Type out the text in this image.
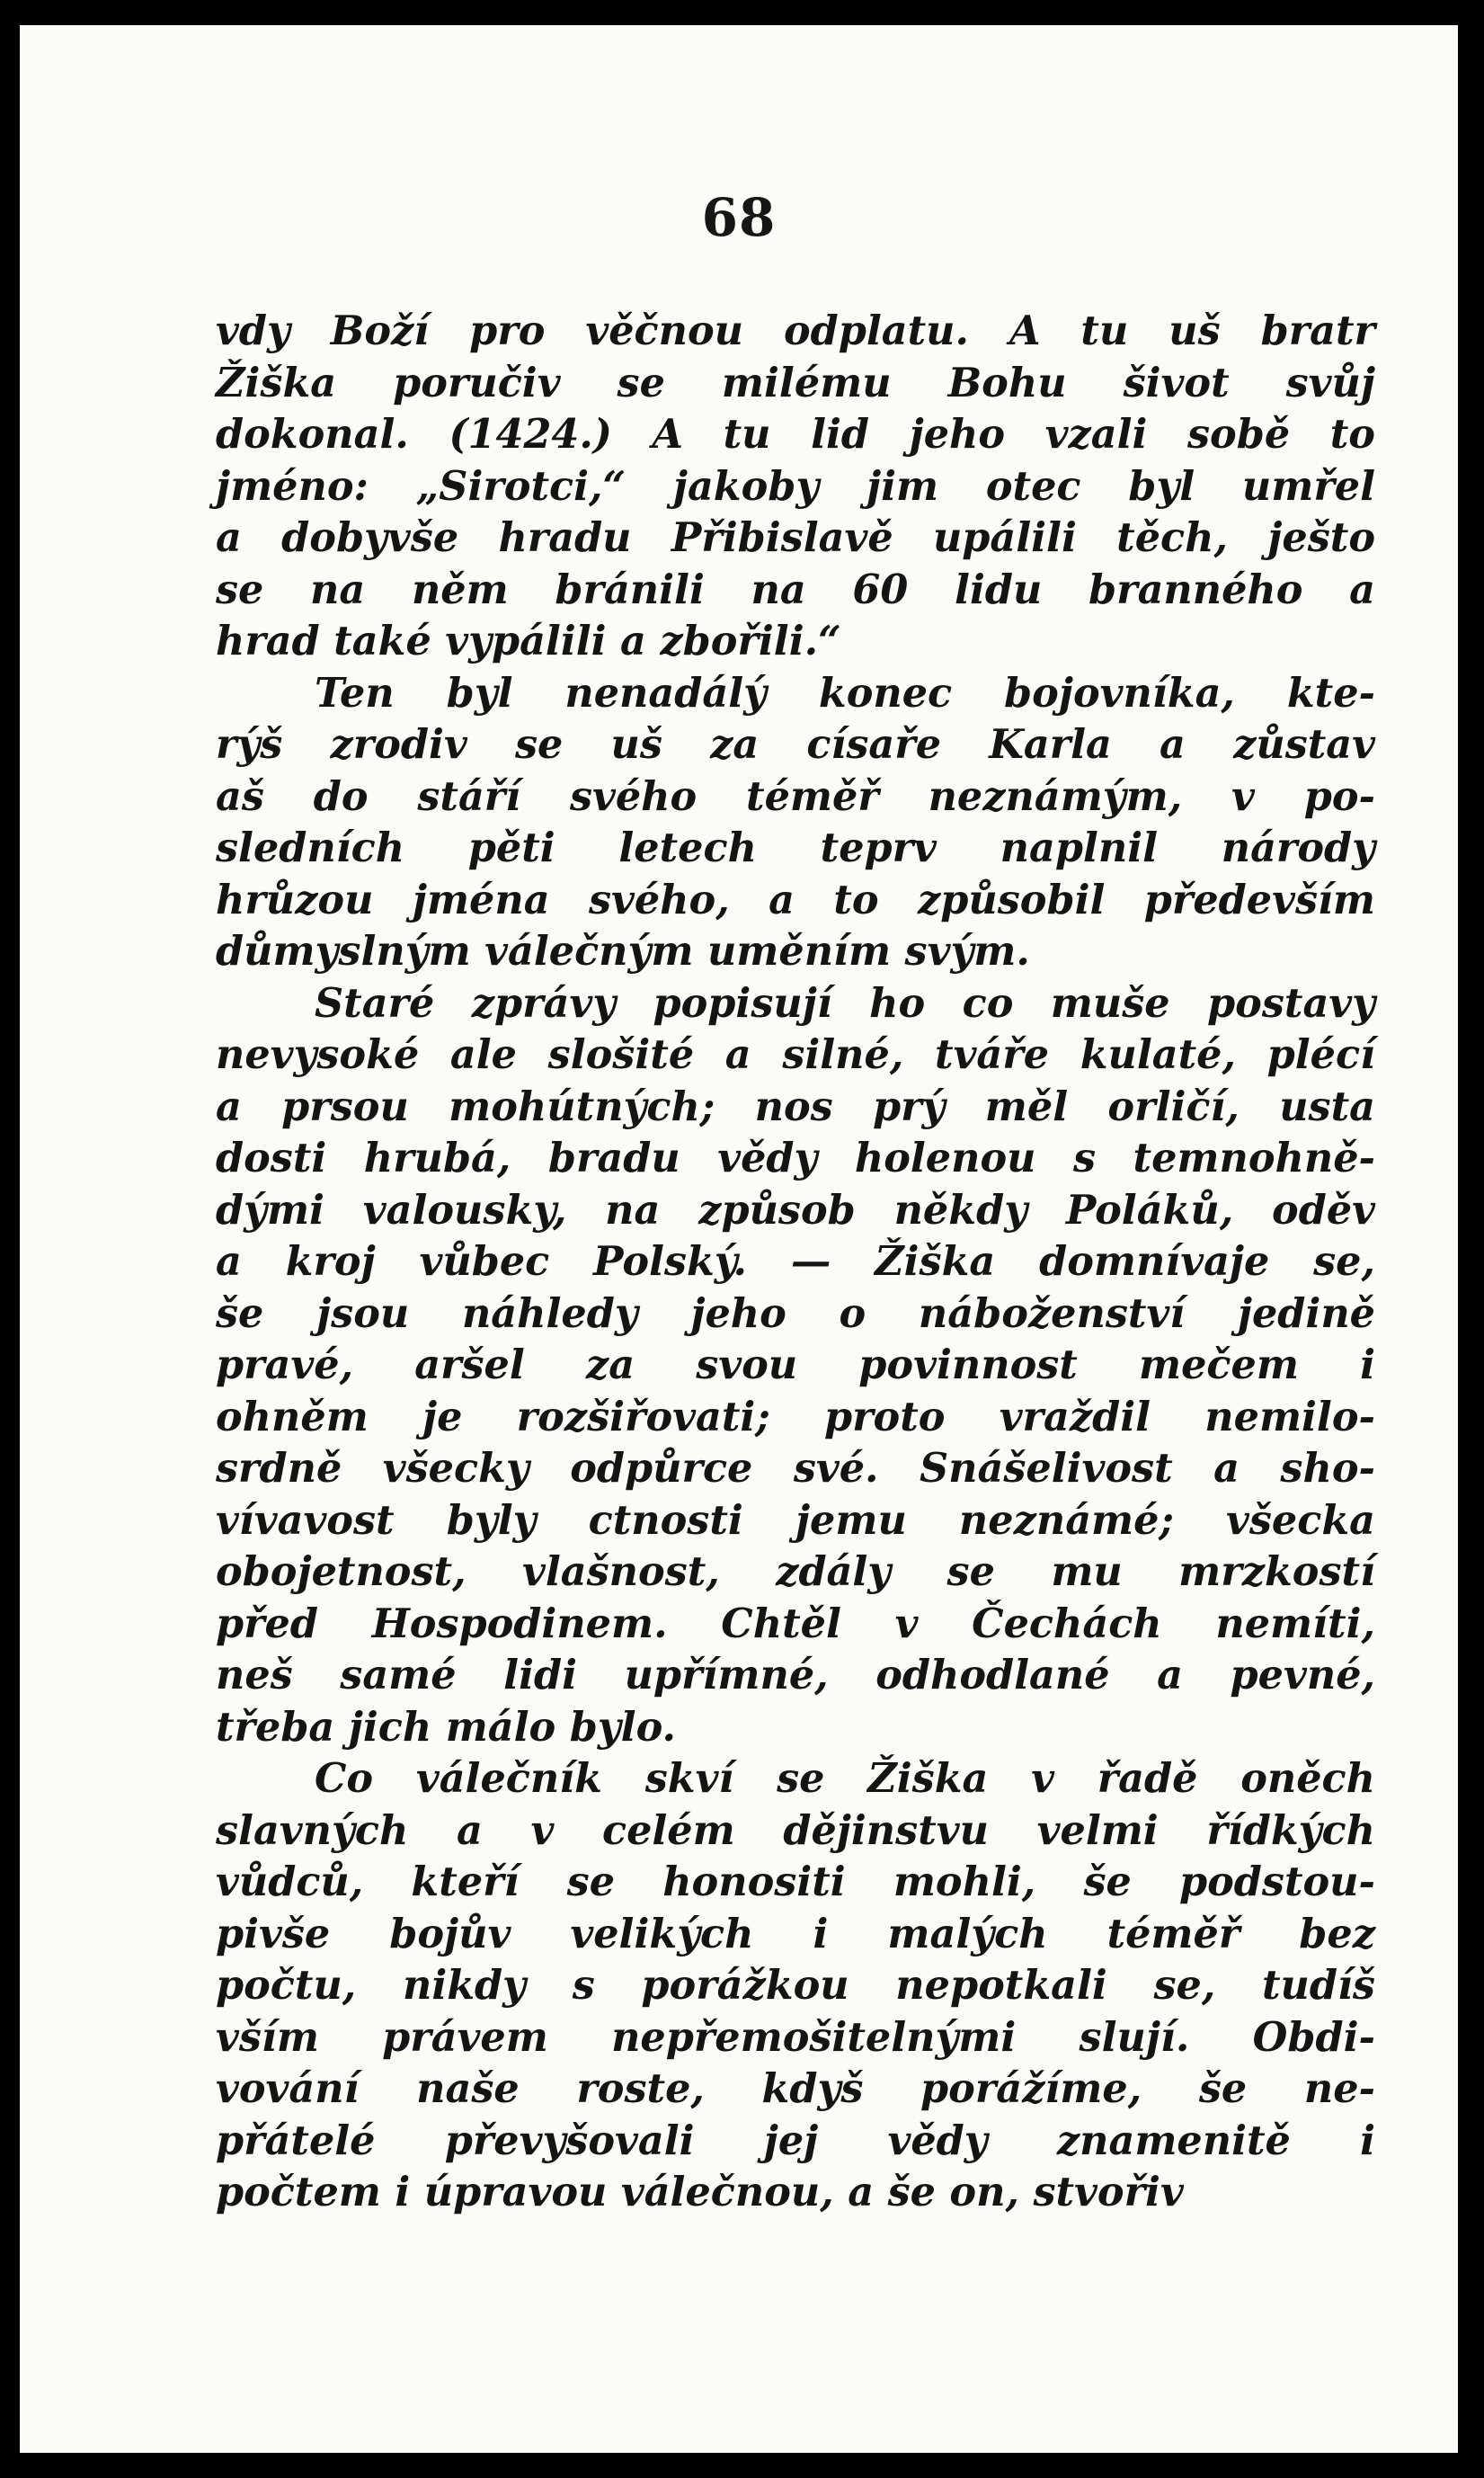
68
vdy Boží pro věčnou odplatu. A tu uš bratr
Žiška poručiv se milému Bohu šivot svůj
dokonal. (1424.) A tu lid jeho vzali sobě to
jméno: „Sirotci,“ jakoby jim otec byl umřel
a dobyvše hradu Přibislavě upálili těch, ješto
se na něm bránili na 60 lidu branného a
hrad také vypálili a zbořili.“
Ten byl nenadálý konec bojovníka, kte-
rýš zrodiv se uš za císaře Karla a zůstav
aš do stáří svého téměř neznámým, v po-
sledních pěti letech teprv naplnil národy
hrůzou jména svého, a to způsobil především
důmyslným válečným uměním svým.
Staré zprávy popisují ho co muše postavy
nevysoké ale slošité a silné, tváře kulaté, plécí
a prsou mohútných; nos prý měl orličí, usta
dosti hrubá, bradu vědy holenou s temnohně-
dými valousky, na způsob někdy Poláků, oděv
a kroj vůbec Polský. — Žiška domnívaje se,
še jsou náhledy jeho o náboženství jedině
pravé, aršel za svou povinnost mečem i
ohněm je rozšiřovati; proto vraždil nemilo-
srdně všecky odpůrce své. Snášelivost a sho-
vívavost byly ctnosti jemu neznámé; všecka
obojetnost, vlašnost, zdály se mu mrzkostí
před Hospodinem. Chtěl v Čechách nemíti,
neš samé lidi upřímné, odhodlané a pevné,
třeba jich málo bylo.
Co válečník skví se Žiška v řadě oněch
slavných a v celém dějinstvu velmi řídkých
vůdců, kteří se honositi mohli, še podstou-
pivše bojův velikých i malých téměř bez
počtu, nikdy s porážkou nepotkali se, tudíš
vším právem nepřemošitelnými slují. Obdi-
vování naše roste, kdyš porážíme, še ne-
přátelé převyšovali jej vědy znamenitě i
počtem i úpravou válečnou, a še on, stvořiv
